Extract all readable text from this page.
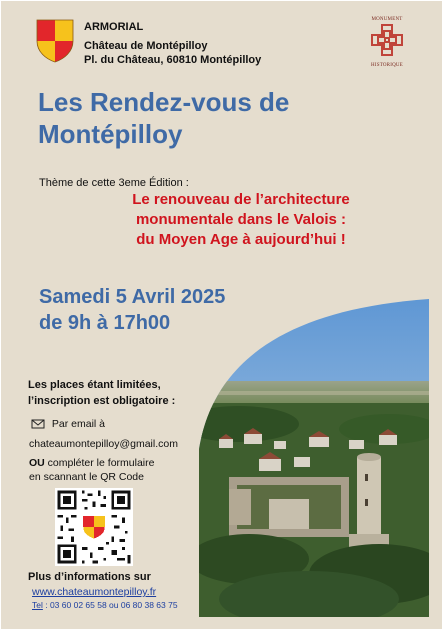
ARMORIAL
Château de Montépilloy
Pl. du Château, 60810 Montépilloy
MONUMENT
HISTORIQUE
Les Rendez-vous de
Montépilloy
Thème de cette 3eme Édition :
Le renouveau de l’architecture
monumentale dans le Valois :
du Moyen Age à aujourd’hui !
Samedi 5 Avril 2025
de 9h à 17h00
Les places étant limitées,
l’inscription est obligatoire :
Par email à
chateaumontepilloy@gmail.com
OU compléter le formulaire
en scannant le QR Code
Plus d’informations sur
www.chateaumontepilloy.fr
Tel : 03 60 02 65 58 ou 06 80 38 63 75
